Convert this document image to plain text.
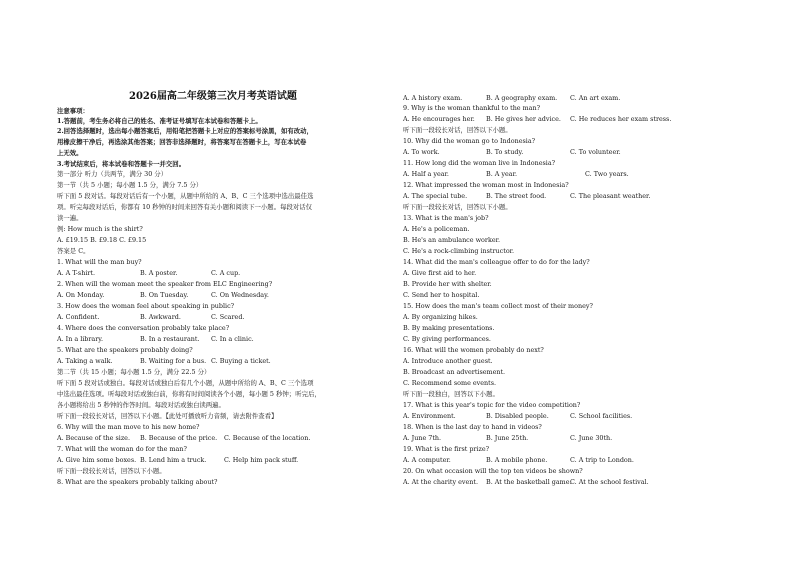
2026届高二年级第三次月考英语试题
注意事项：
1.答题前，考生务必将自己的姓名、准考证号填写在本试卷和答题卡上。
2.回答选择题时，选出每小题答案后，用铅笔把答题卡上对应的答案标号涂黑，如有改动，
用橡皮擦干净后，再选涂其他答案；回答非选择题时，将答案写在答题卡上，写在本试卷
上无效。
3.考试结束后，将本试卷和答题卡一并交回。
第一部分 听力（共两节，满分 30 分）
第一节（共 5 小题；每小题 1.5 分，满分 7.5 分）
听下面 5 段对话。每段对话后有一个小题，从题中所给的 A、B、C 三个选项中选出最佳选
项。听完每段对话后，你都有 10 秒钟的时间来回答有关小题和阅读下一小题。每段对话仅
读一遍。
例: How much is the shirt?
A. £19.15 B. £9.18 C. £9.15
答案是 C。
1. What will the man buy?
A. A T-shirt.	B. A poster.	C. A cup.
2. When will the woman meet the speaker from ELC Engineering?
A. On Monday.	B. On Tuesday.	C. On Wednesday.
3. How does the woman feel about speaking in public?
A. Confident.	B. Awkward.	C. Scared.
4. Where does the conversation probably take place?
A. In a library.	B. In a restaurant. C. In a clinic.
5. What are the speakers probably doing?
A. Taking a walk.	B. Waiting for a bus. C. Buying a ticket.
第二节（共 15 小题；每小题 1.5 分，满分 22.5 分）
听下面 5 段对话或独白。每段对话或独白后有几个小题，从题中所给的 A、B、C 三个选项
中选出最佳选项。听每段对话或独白前，你将有时间阅读各个小题，每小题 5 秒钟；听完后，
各小题将给出 5 秒钟的作答时间。每段对话或独白读两遍。
听下面一段较长对话，回答以下小题。【此处可播放听力音频，请去附件查看】
6. Why will the man move to his new home?
A. Because of the size. B. Because of the price. C. Because of the location.
7. What will the woman do for the man?
A. Give him some boxes. B. Lend him a truck.	C. Help him pack stuff.
听下面一段较长对话，回答以下小题。
8. What are the speakers probably talking about?
A. A history exam.	B. A geography exam. C. An art exam.
9. Why is the woman thankful to the man?
A. He encourages her. B. He gives her advice. C. He reduces her exam stress.
听下面一段较长对话，回答以下小题。
10. Why did the woman go to Indonesia?
A. To work.	B. To study.	C. To volunteer.
11. How long did the woman live in Indonesia?
A. Half a year.	B. A year.	C. Two years.
12. What impressed the woman most in Indonesia?
A. The special tube.	B. The street food.	C. The pleasant weather.
听下面一段较长对话，回答以下小题。
13. What is the man's job?
A. He's a policeman.
B. He's an ambulance worker.
C. He's a rock-climbing instructor.
14. What did the man's colleague offer to do for the lady?
A. Give first aid to her.
B. Provide her with shelter.
C. Send her to hospital.
15. How does the man's team collect most of their money?
A. By organizing hikes.
B. By making presentations.
C. By giving performances.
16. What will the women probably do next?
A. Introduce another guest.
B. Broadcast an advertisement.
C. Recommend some events.
听下面一段独白，回答以下小题。
17. What is this year's topic for the video competition?
A. Environment.	B. Disabled people.	C. School facilities.
18. When is the last day to hand in videos?
A. June 7th.	B. June 25th.	C. June 30th.
19. What is the first prize?
A. A computer.	B. A mobile phone.	C. A trip to London.
20. On what occasion will the top ten videos be shown?
A. At the charity event. B. At the basketball game.
C. At the school festival.
